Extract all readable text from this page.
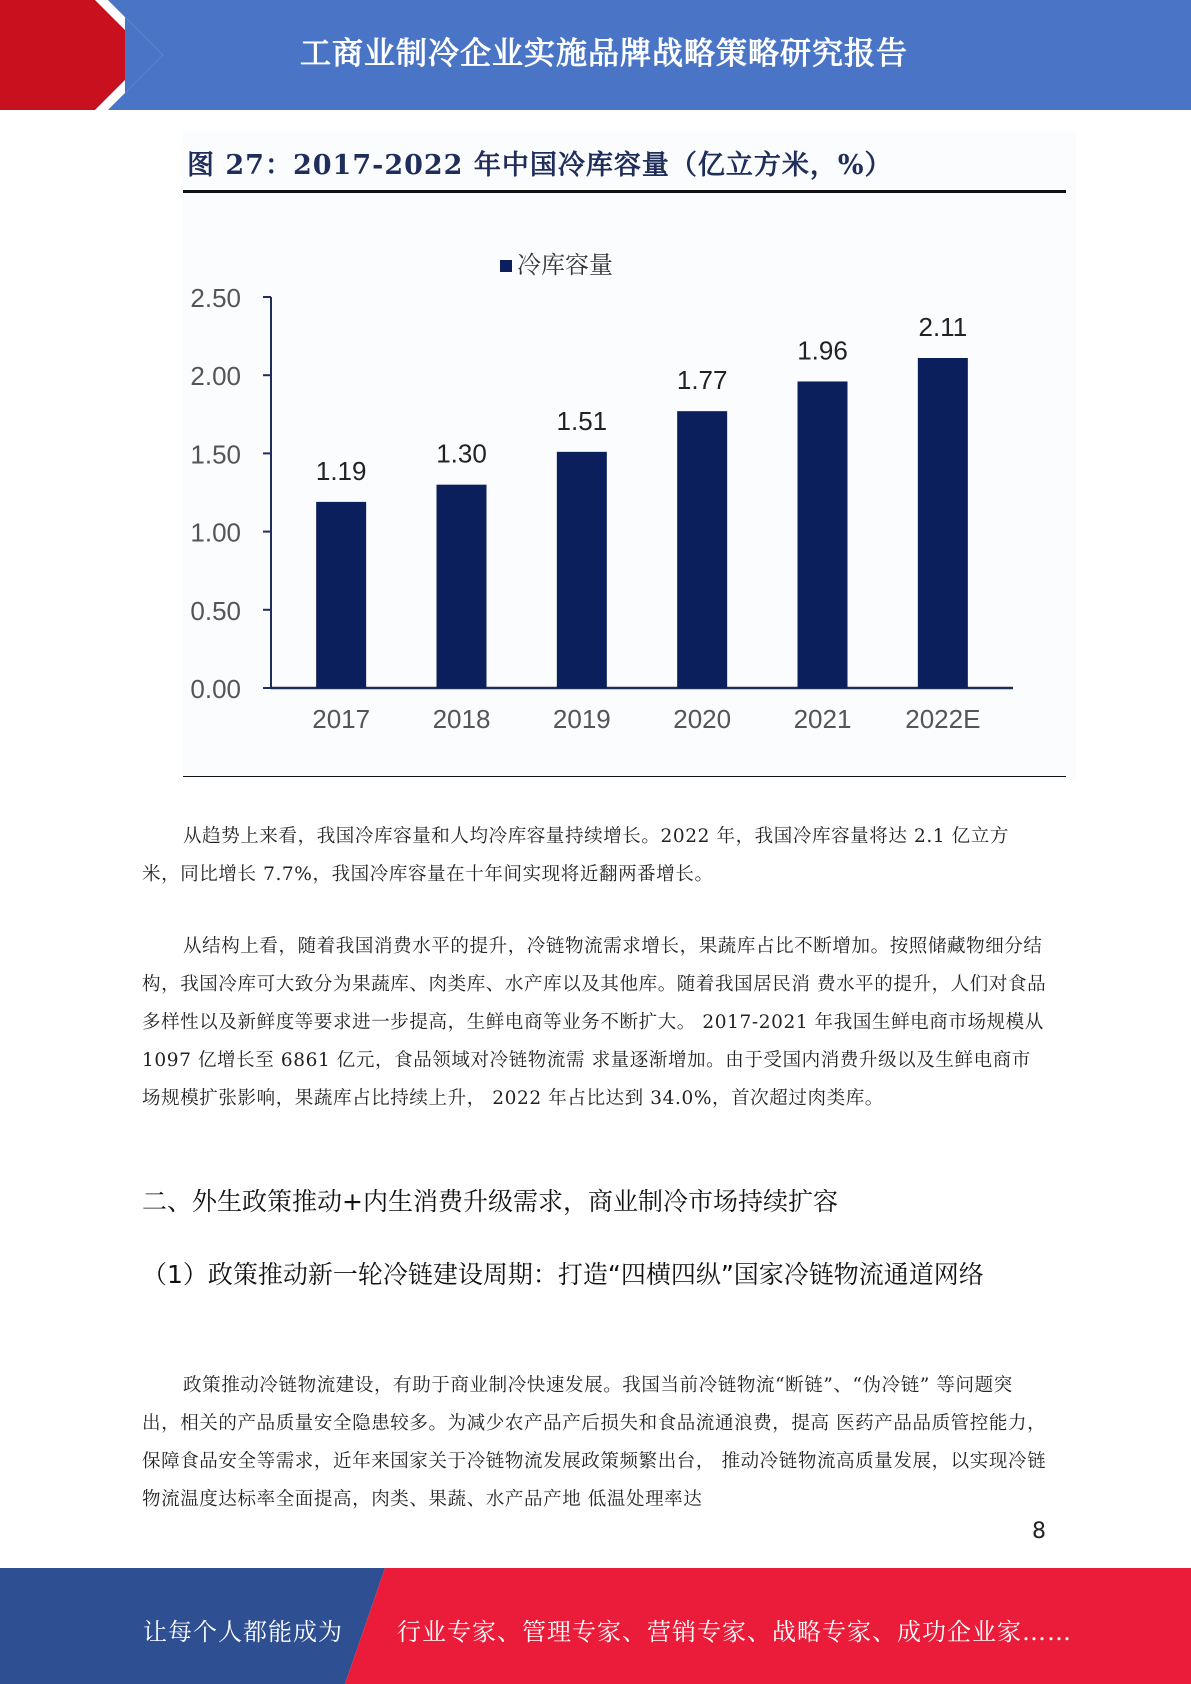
工商业制冷企业实施品牌战略策略研究报告
图 27：2017-2022 年中国冷库容量（亿立方米，%）
冷库容量
0.00
0.50
1.00
1.50
2.00
2.50
1.19
2017
1.30
2018
1.51
2019
1.77
2020
1.96
2021
2.11
2022E
从趋势上来看，我国冷库容量和人均冷库容量持续增长。2022 年，我国冷库容量将达 2.1 亿立方米，同比增长 7.7%，我国冷库容量在十年间实现将近翻两番增长。
从结构上看，随着我国消费水平的提升，冷链物流需求增长，果蔬库占比不断增加。按照储藏物细分结构，我国冷库可大致分为果蔬库、肉类库、水产库以及其他库。随着我国居民消 费水平的提升，人们对食品多样性以及新鲜度等要求进一步提高，生鲜电商等业务不断扩大。 2017-2021 年我国生鲜电商市场规模从 1097 亿增长至 6861 亿元，食品领域对冷链物流需 求量逐渐增加。由于受国内消费升级以及生鲜电商市场规模扩张影响，果蔬库占比持续上升， 2022 年占比达到 34.0%，首次超过肉类库。
二、外生政策推动+内生消费升级需求，商业制冷市场持续扩容
（1）政策推动新一轮冷链建设周期：打造“四横四纵”国家冷链物流通道网络
政策推动冷链物流建设，有助于商业制冷快速发展。我国当前冷链物流“断链”、“伪冷链” 等问题突出，相关的产品质量安全隐患较多。为减少农产品产后损失和食品流通浪费，提高 医药产品品质管控能力，保障食品安全等需求，近年来国家关于冷链物流发展政策频繁出台， 推动冷链物流高质量发展，以实现冷链物流温度达标率全面提高，肉类、果蔬、水产品产地 低温处理率达
8
让每个人都能成为 行业专家、管理专家、营销专家、战略专家、成功企业家……
